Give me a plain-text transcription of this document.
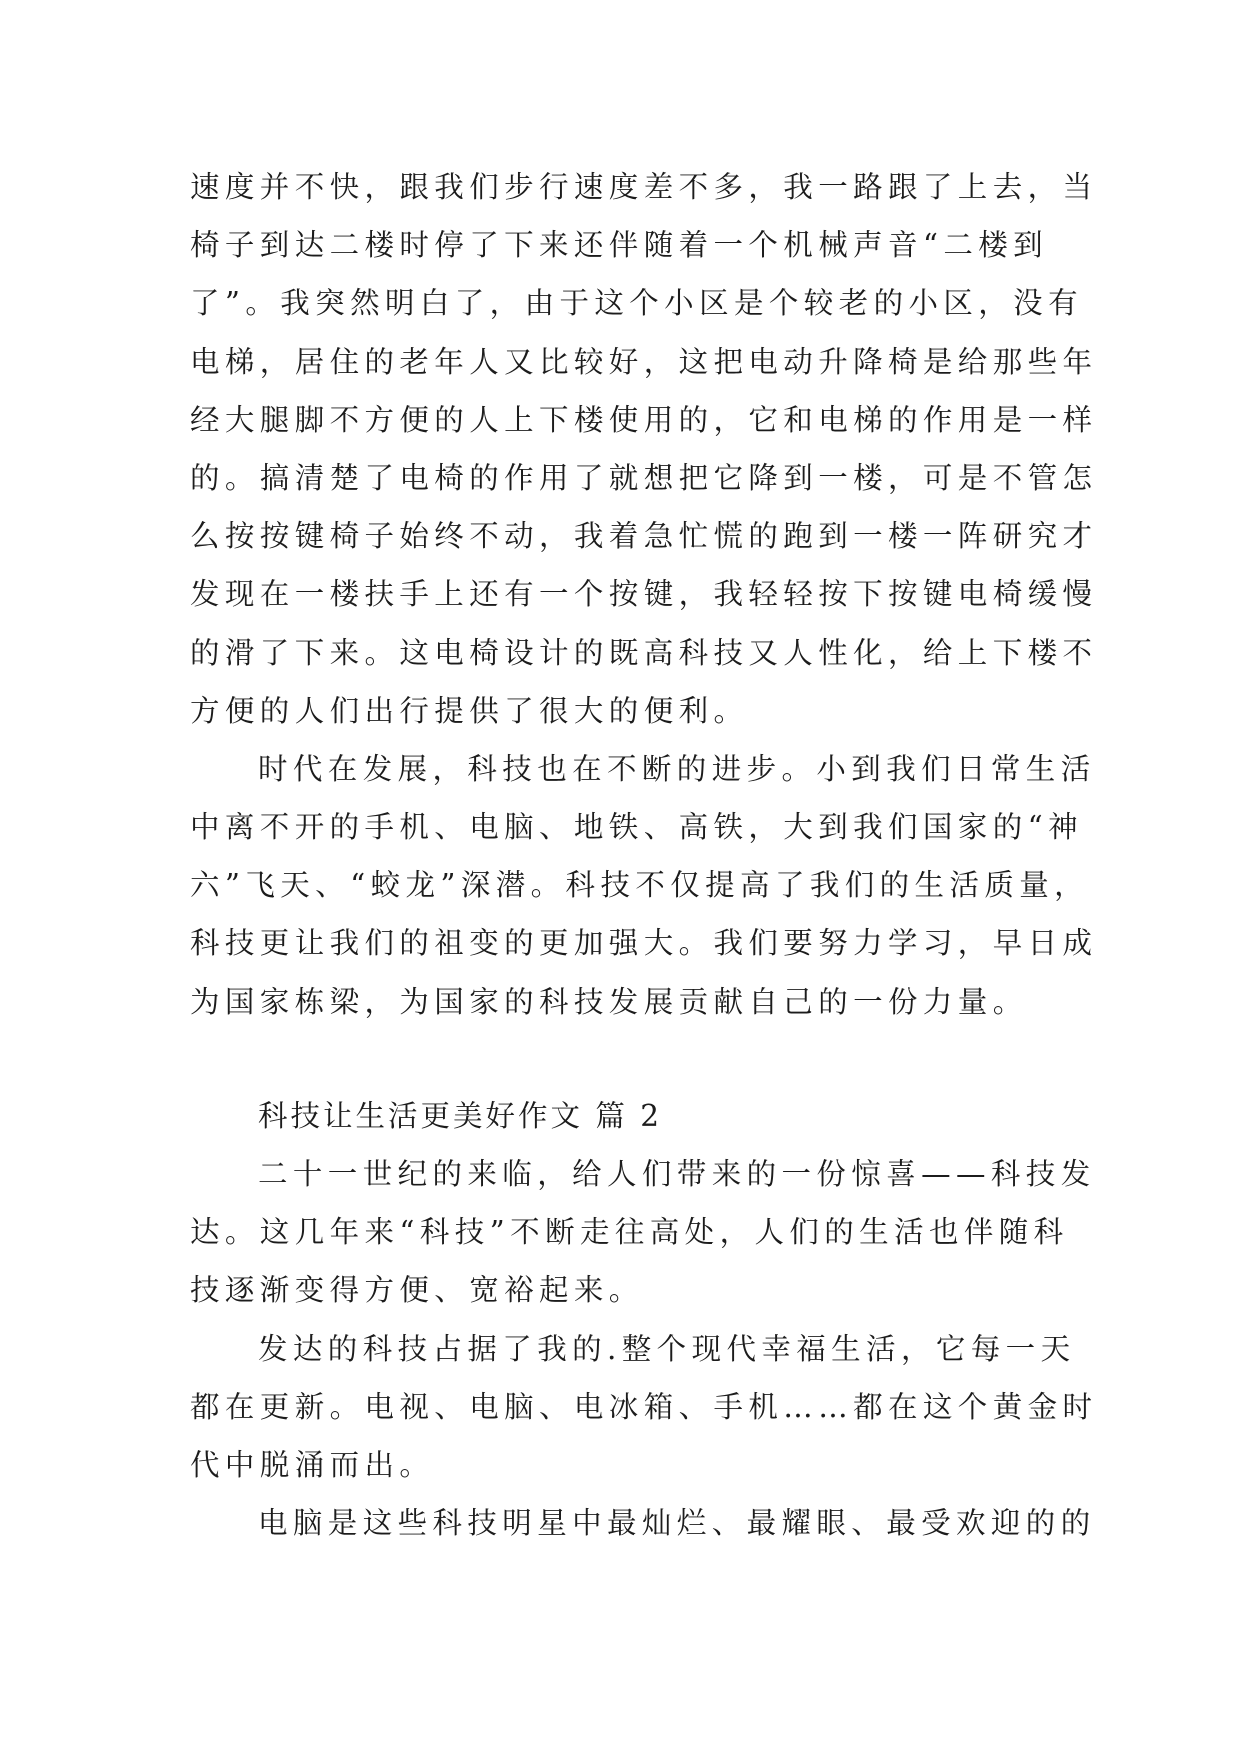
速度并不快，跟我们步行速度差不多，我一路跟了上去，当
椅子到达二楼时停了下来还伴随着一个机械声音“二楼到
了”。我突然明白了，由于这个小区是个较老的小区，没有
电梯，居住的老年人又比较好，这把电动升降椅是给那些年
经大腿脚不方便的人上下楼使用的，它和电梯的作用是一样
的。搞清楚了电椅的作用了就想把它降到一楼，可是不管怎
么按按键椅子始终不动，我着急忙慌的跑到一楼一阵研究才
发现在一楼扶手上还有一个按键，我轻轻按下按键电椅缓慢
的滑了下来。这电椅设计的既高科技又人性化，给上下楼不
方便的人们出行提供了很大的便利。
时代在发展，科技也在不断的进步。小到我们日常生活
中离不开的手机、电脑、地铁、高铁，大到我们国家的“神
六”飞天、“蛟龙”深潜。科技不仅提高了我们的生活质量，
科技更让我们的祖变的更加强大。我们要努力学习，早日成
为国家栋梁，为国家的科技发展贡献自己的一份力量。
科技让生活更美好作文 篇 2
二十一世纪的来临，给人们带来的一份惊喜——科技发
达。这几年来“科技”不断走往高处，人们的生活也伴随科
技逐渐变得方便、宽裕起来。
发达的科技占据了我的.整个现代幸福生活，它每一天
都在更新。电视、电脑、电冰箱、手机……都在这个黄金时
代中脱涌而出。
电脑是这些科技明星中最灿烂、最耀眼、最受欢迎的的
